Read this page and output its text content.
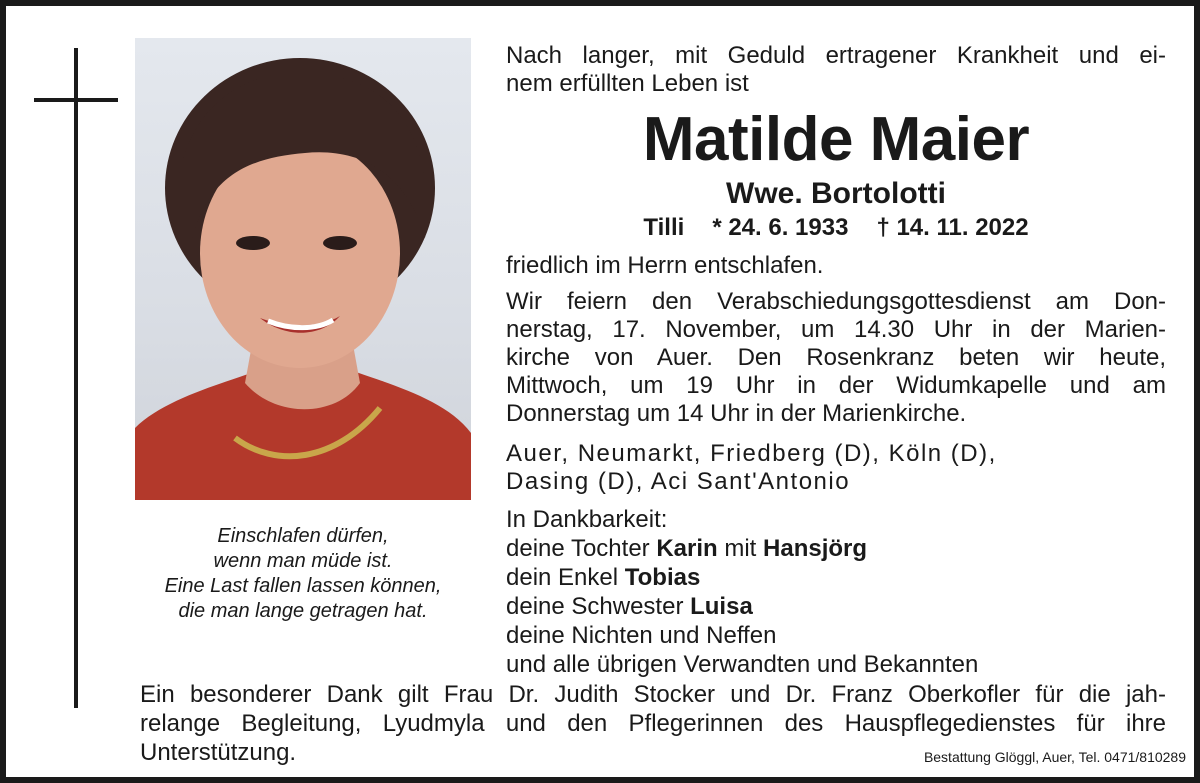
Einschlafen dürfen,
wenn man müde ist.
Eine Last fallen lassen können,
die man lange getragen hat.
Nach langer, mit Geduld ertragener Krankheit und ei-
nem erfüllten Leben ist
Matilde Maier
Wwe. Bortolotti
Tilli * 24. 6. 1933 † 14. 11. 2022
friedlich im Herrn entschlafen.
Wir feiern den Verabschiedungsgottesdienst am Don-
nerstag, 17. November, um 14.30 Uhr in der Marien-
kirche von Auer. Den Rosenkranz beten wir heute,
Mittwoch, um 19 Uhr in der Widumkapelle und am
Donnerstag um 14 Uhr in der Marienkirche.
Auer, Neumarkt, Friedberg (D), Köln (D),
Dasing (D), Aci Sant'Antonio
In Dankbarkeit:
deine Tochter Karin mit Hansjörg
dein Enkel Tobias
deine Schwester Luisa
deine Nichten und Neffen
und alle übrigen Verwandten und Bekannten
Ein besonderer Dank gilt Frau Dr. Judith Stocker und Dr. Franz Oberkofler für die jah-
relange Begleitung, Lyudmyla und den Pflegerinnen des Hauspflegedienstes für ihre
Unterstützung.	Bestattung Glöggl, Auer, Tel. 0471/810289
